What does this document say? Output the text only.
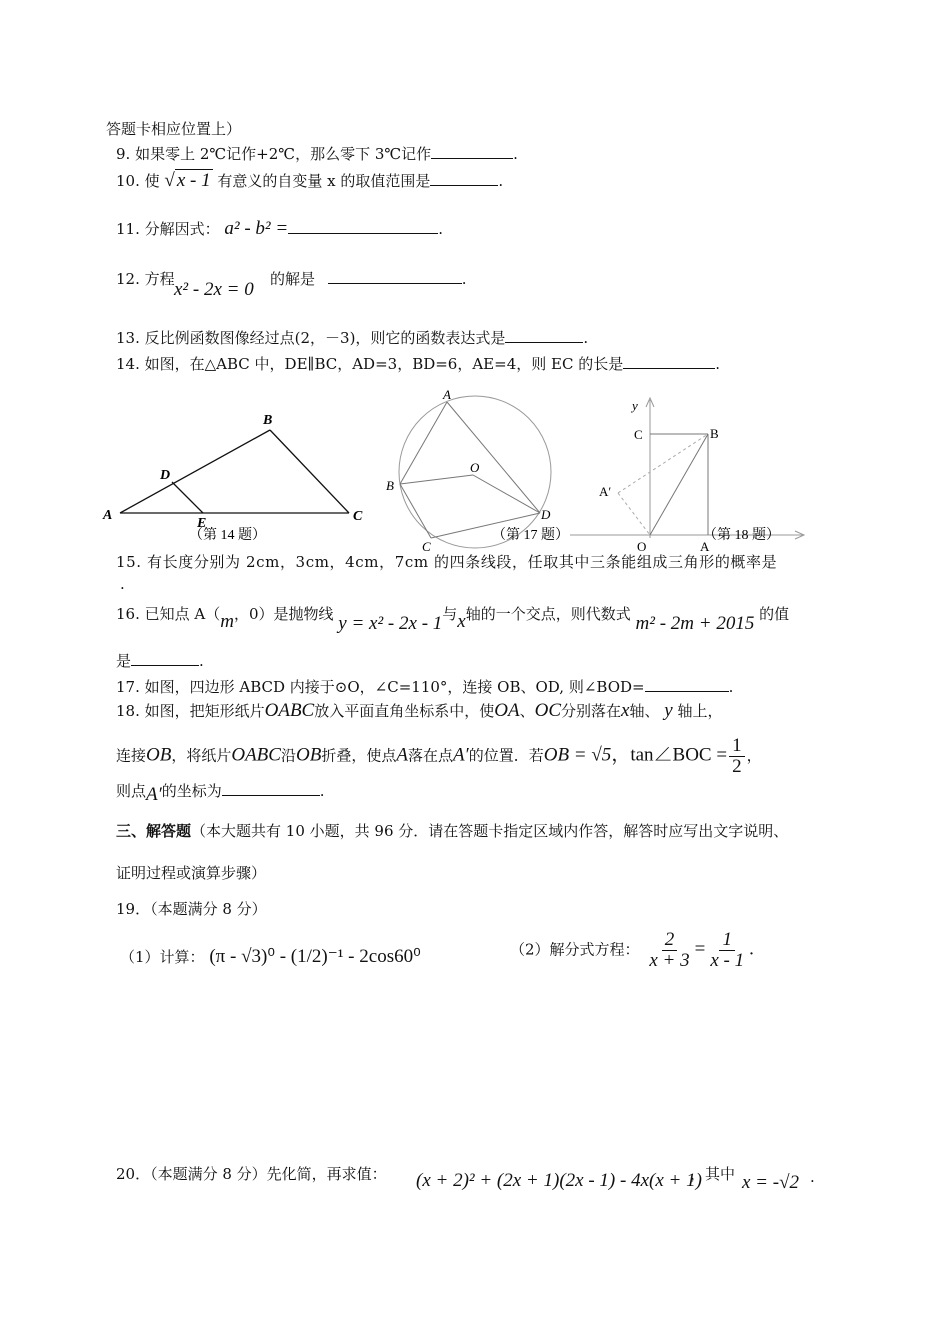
答题卡相应位置上）
9. 如果零上 2℃记作+2℃，那么零下 3℃记作	.
10. 使 √ x - 1 有意义的自变量 x 的取值范围是	.
11. 分解因式： a² - b² =	.
12. 方程 x² - 2x = 0 的解是	.
13. 反比例函数图像经过点(2，－3)，则它的函数表达式是	.
14. 如图，在△ABC 中，DE∥BC，AD=3，BD=6，AE=4，则 EC 的长是	.
A
B
C
D
E
（第 14 题）
A
B
C
D
O
（第 17 题）
y
C	B
A′
O	A
（第 18 题）
15. 有长度分别为 2cm，3cm，4cm，7cm 的四条线段，任取其中三条能组成三角形的概率是
.
16. 已知点 A（m，0）是抛物线 y = x² - 2x - 1与x轴的一个交点，则代数式 m² - 2m + 2015 的值
是	.
17. 如图，四边形 ABCD 内接于⊙O，∠C=110°，连接 OB、OD, 则∠BOD=	.
18. 如图，把矩形纸片OABC放入平面直角坐标系中，使OA、OC分别落在x轴、 y 轴上，
连接OB，将纸片OABC沿OB折叠，使点A落在点A′的位置．若OB = √5，tan∠BOC = $\frac{1}{2}$ ，
则点A′的坐标为	.
三、解答题（本大题共有 10 小题，共 96 分．请在答题卡指定区域内作答，解答时应写出文字说明、
证明过程或演算步骤）
19．（本题满分 8 分）
（1）计算： (π - √3)⁰ - (1/2)⁻¹ - 2cos60⁰	（2）解分式方程： $\frac{2}{x + 3} = \frac{1}{x - 1}$ .
20．（本题满分 8 分）先化简，再求值： (x + 2)² + (2x + 1)(2x - 1) - 4x(x + 1)
，其中 x = -√2 .
